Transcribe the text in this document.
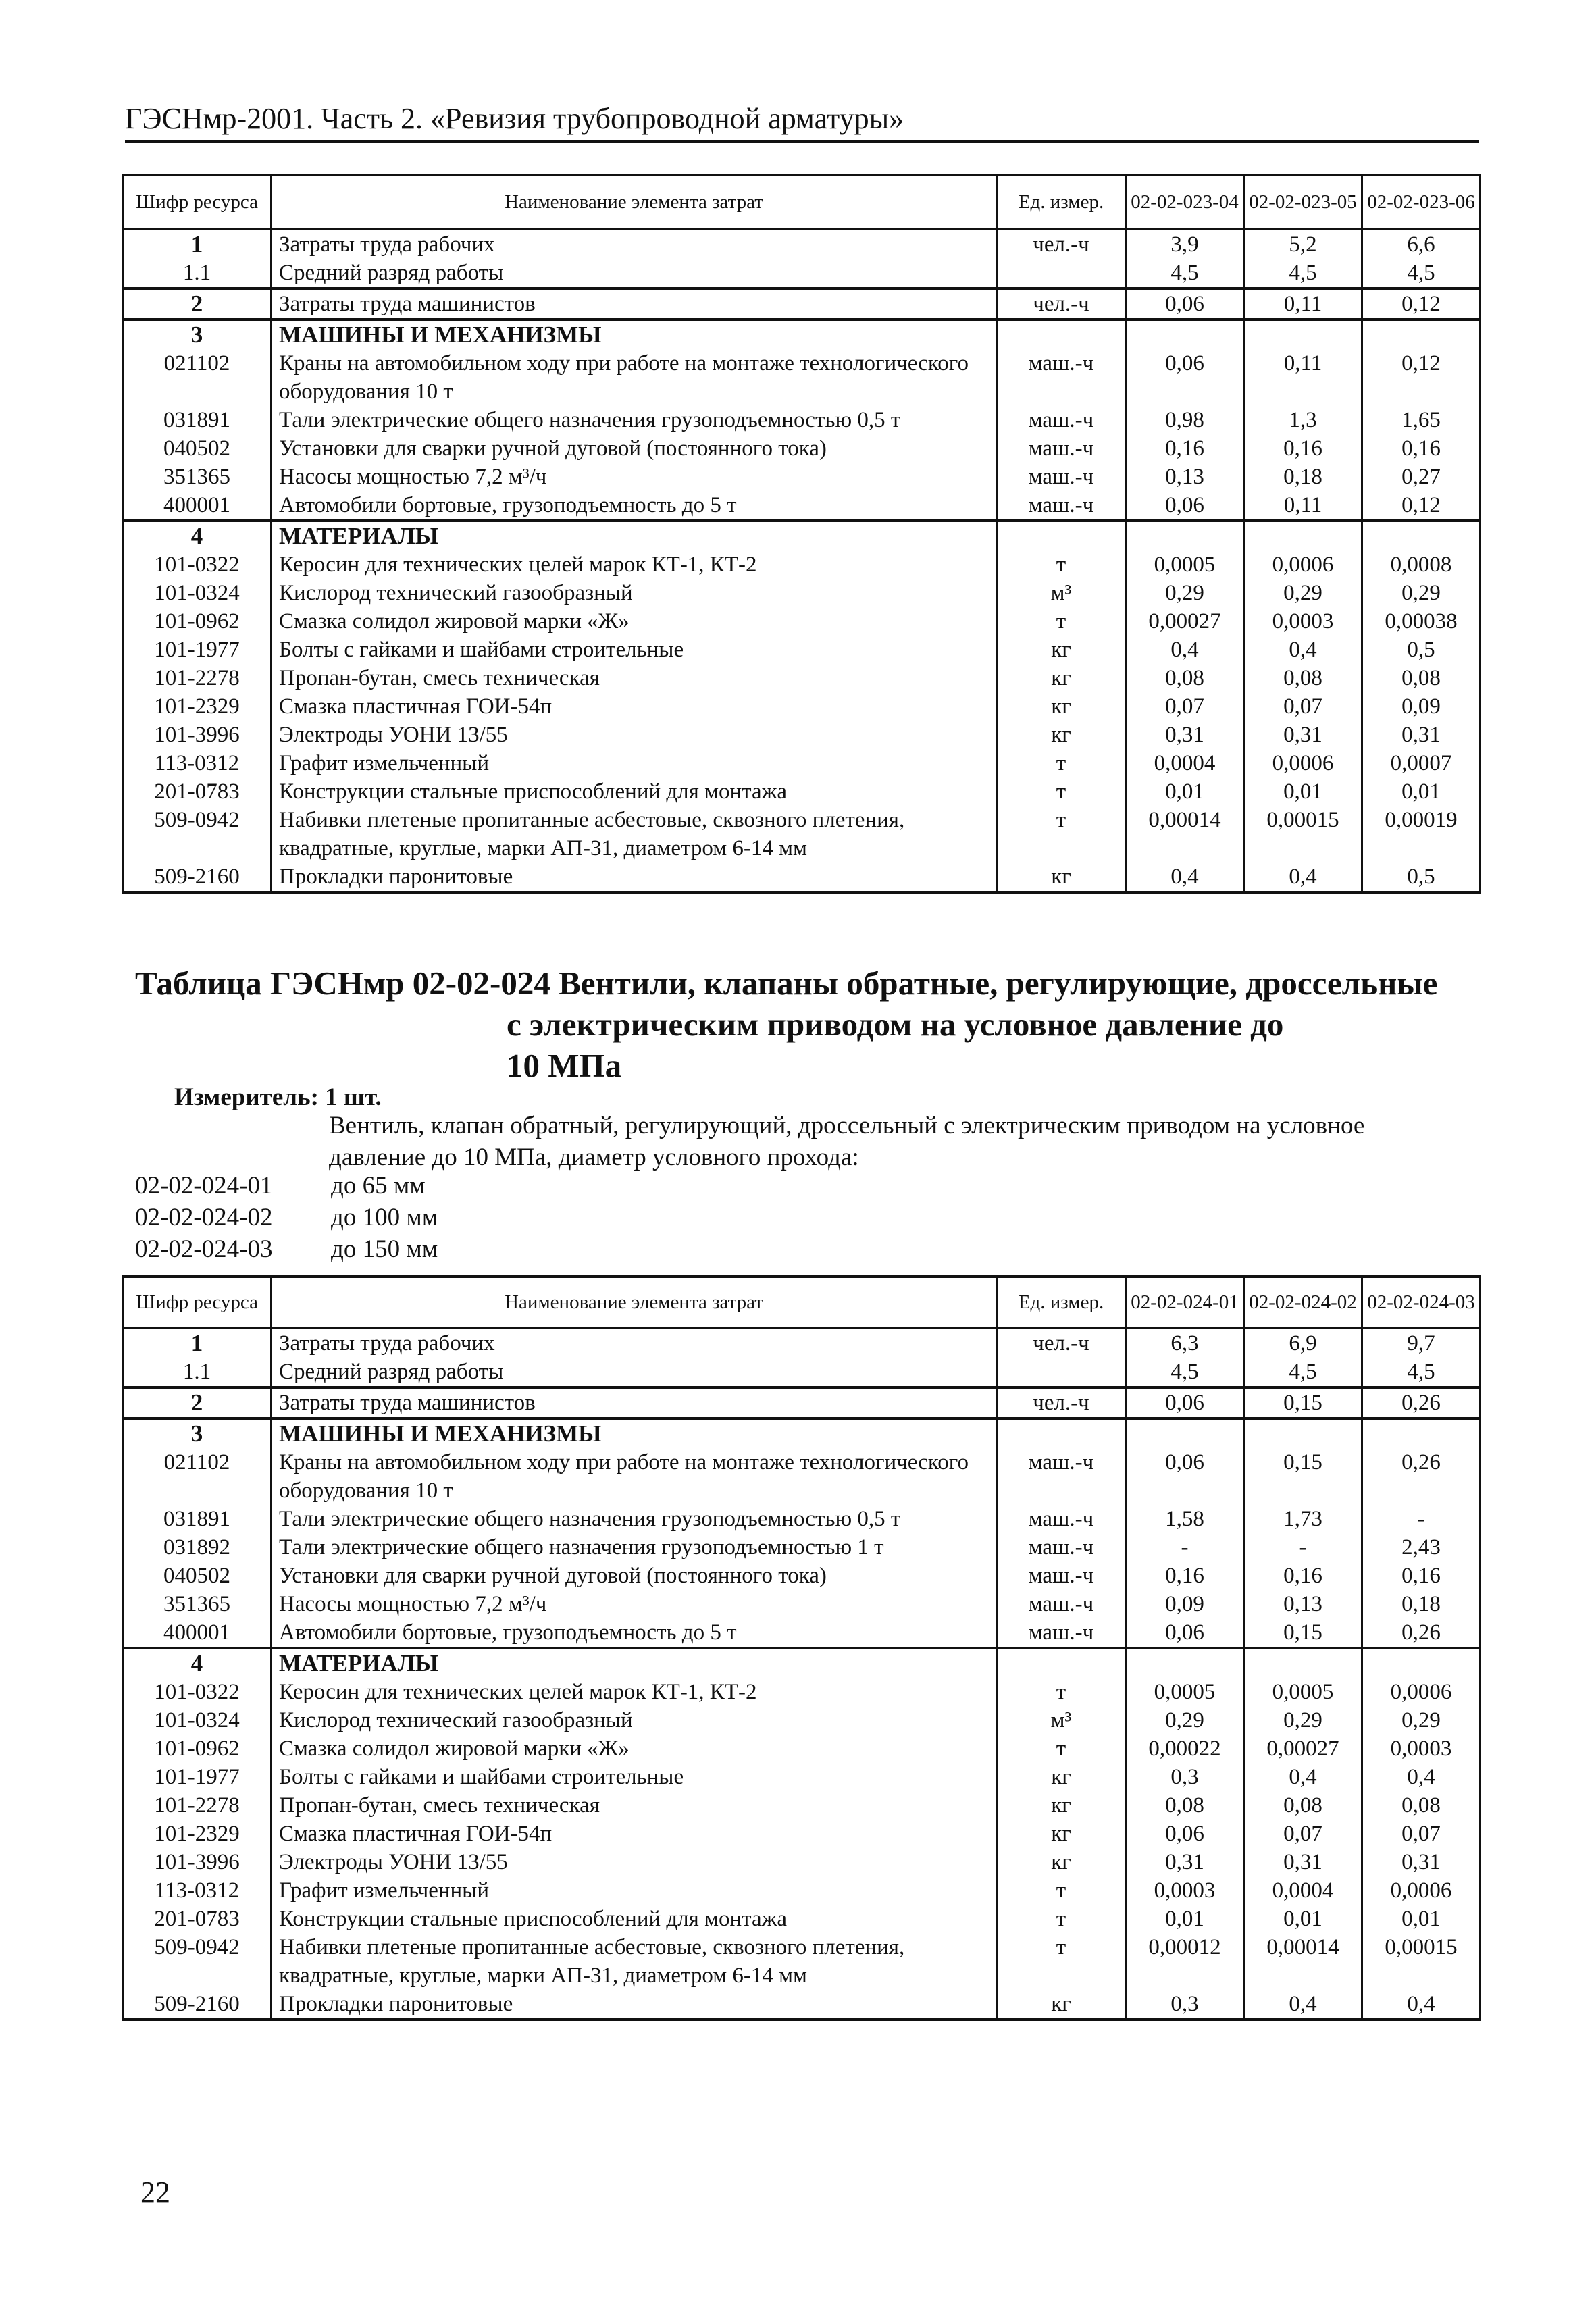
ГЭСНмр-2001. Часть 2. «Ревизия трубопроводной арматуры»
Шифр ресурса	Наименование элемента затрат	Ед. измер.	02-02-023-04	02-02-023-05	02-02-023-06
1	Затраты труда рабочих	чел.-ч	3,9	5,2	6,6
1.1	Средний разряд работы		4,5	4,5	4,5
2	Затраты труда машинистов	чел.-ч	0,06	0,11	0,12
3	МАШИНЫ И МЕХАНИЗМЫ				
021102	Краны на автомобильном ходу при работе на монтаже технологического оборудования 10 т	маш.-ч	0,06	0,11	0,12
031891	Тали электрические общего назначения грузоподъемностью 0,5 т	маш.-ч	0,98	1,3	1,65
040502	Установки для сварки ручной дуговой (постоянного тока)	маш.-ч	0,16	0,16	0,16
351365	Насосы мощностью 7,2 м³/ч	маш.-ч	0,13	0,18	0,27
400001	Автомобили бортовые, грузоподъемность до 5 т	маш.-ч	0,06	0,11	0,12
4	МАТЕРИАЛЫ				
101-0322	Керосин для технических целей марок КТ-1, КТ-2	т	0,0005	0,0006	0,0008
101-0324	Кислород технический газообразный	м³	0,29	0,29	0,29
101-0962	Смазка солидол жировой марки «Ж»	т	0,00027	0,0003	0,00038
101-1977	Болты с гайками и шайбами строительные	кг	0,4	0,4	0,5
101-2278	Пропан-бутан, смесь техническая	кг	0,08	0,08	0,08
101-2329	Смазка пластичная ГОИ-54п	кг	0,07	0,07	0,09
101-3996	Электроды УОНИ 13/55	кг	0,31	0,31	0,31
113-0312	Графит измельченный	т	0,0004	0,0006	0,0007
201-0783	Конструкции стальные приспособлений для монтажа	т	0,01	0,01	0,01
509-0942	Набивки плетеные пропитанные асбестовые, сквозного плетения, квадратные, круглые, марки АП-31, диаметром 6-14 мм	т	0,00014	0,00015	0,00019
509-2160	Прокладки паронитовые	кг	0,4	0,4	0,5
Таблица ГЭСНмр 02-02-024 Вентили, клапаны обратные, регулирующие, дроссельные
с электрическим приводом на условное давление до
10 МПа
Измеритель: 1 шт.
Вентиль, клапан обратный, регулирующий, дроссельный с электрическим приводом на условное давление до 10 МПа, диаметр условного прохода:
02-02-024-01	до 65 мм
02-02-024-02	до 100 мм
02-02-024-03	до 150 мм
Шифр ресурса	Наименование элемента затрат	Ед. измер.	02-02-024-01	02-02-024-02	02-02-024-03
1	Затраты труда рабочих	чел.-ч	6,3	6,9	9,7
1.1	Средний разряд работы		4,5	4,5	4,5
2	Затраты труда машинистов	чел.-ч	0,06	0,15	0,26
3	МАШИНЫ И МЕХАНИЗМЫ				
021102	Краны на автомобильном ходу при работе на монтаже технологического оборудования 10 т	маш.-ч	0,06	0,15	0,26
031891	Тали электрические общего назначения грузоподъемностью 0,5 т	маш.-ч	1,58	1,73	-
031892	Тали электрические общего назначения грузоподъемностью 1 т	маш.-ч	-	-	2,43
040502	Установки для сварки ручной дуговой (постоянного тока)	маш.-ч	0,16	0,16	0,16
351365	Насосы мощностью 7,2 м³/ч	маш.-ч	0,09	0,13	0,18
400001	Автомобили бортовые, грузоподъемность до 5 т	маш.-ч	0,06	0,15	0,26
4	МАТЕРИАЛЫ				
101-0322	Керосин для технических целей марок КТ-1, КТ-2	т	0,0005	0,0005	0,0006
101-0324	Кислород технический газообразный	м³	0,29	0,29	0,29
101-0962	Смазка солидол жировой марки «Ж»	т	0,00022	0,00027	0,0003
101-1977	Болты с гайками и шайбами строительные	кг	0,3	0,4	0,4
101-2278	Пропан-бутан, смесь техническая	кг	0,08	0,08	0,08
101-2329	Смазка пластичная ГОИ-54п	кг	0,06	0,07	0,07
101-3996	Электроды УОНИ 13/55	кг	0,31	0,31	0,31
113-0312	Графит измельченный	т	0,0003	0,0004	0,0006
201-0783	Конструкции стальные приспособлений для монтажа	т	0,01	0,01	0,01
509-0942	Набивки плетеные пропитанные асбестовые, сквозного плетения, квадратные, круглые, марки АП-31, диаметром 6-14 мм	т	0,00012	0,00014	0,00015
509-2160	Прокладки паронитовые	кг	0,3	0,4	0,4
22
